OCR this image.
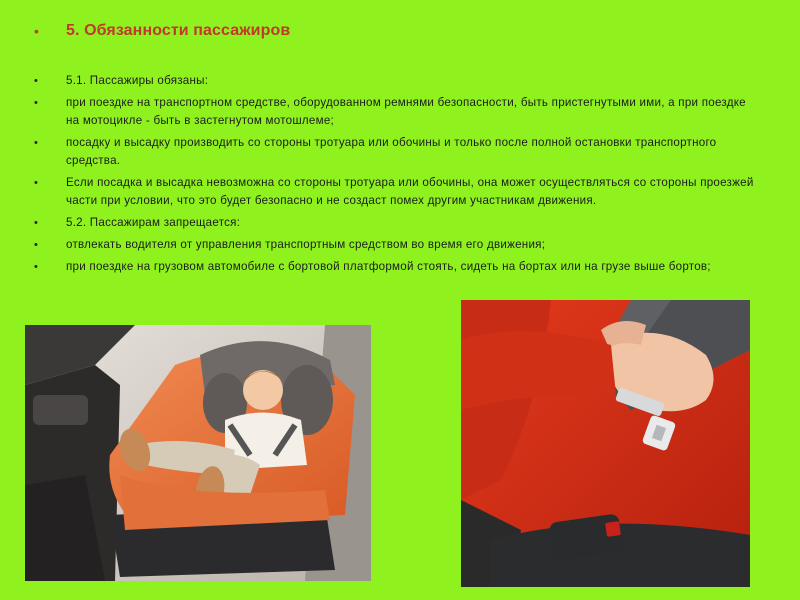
•	5. Обязанности пассажиров
•	5.1. Пассажиры обязаны:
•	при поездке на транспортном средстве, оборудованном ремнями безопасности, быть пристегнутыми ими, а при поездке на мотоцикле - быть в застегнутом мотошлеме;
•	посадку и высадку производить со стороны тротуара или обочины и только после полной остановки транспортного средства.
•	Если посадка и высадка невозможна со стороны тротуара или обочины, она может осуществляться со стороны проезжей части при условии, что это будет безопасно и не создаст помех другим участникам движения.
•	5.2. Пассажирам запрещается:
•	отвлекать водителя от управления транспортным средством во время его движения;
•	при поездке на грузовом автомобиле с бортовой платформой стоять, сидеть на бортах или на грузе выше бортов;
